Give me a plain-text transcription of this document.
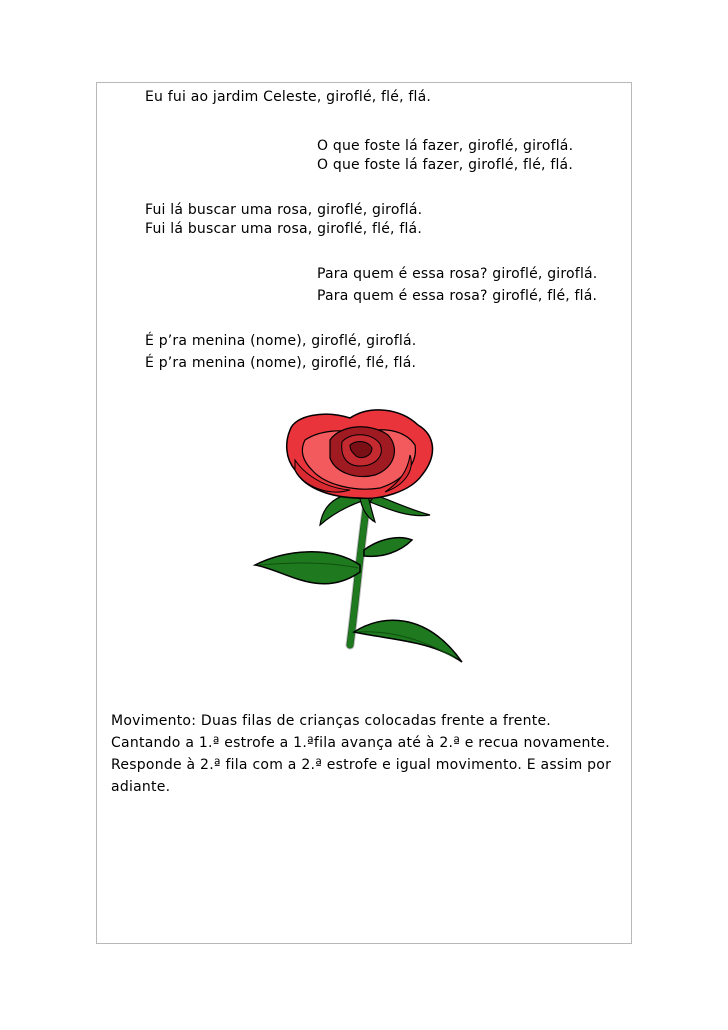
Eu fui ao jardim Celeste, giroflé, flé, flá.
O que foste lá fazer, giroflé, giroflá.
O que foste lá fazer, giroflé, flé, flá.
Fui lá buscar uma rosa, giroflé, giroflá.
Fui lá buscar uma rosa, giroflé, flé, flá.
Para quem é essa rosa? giroflé, giroflá.
Para quem é essa rosa? giroflé, flé, flá.
É p’ra menina (nome), giroflé, giroflá.
É p’ra menina (nome), giroflé, flé, flá.
Movimento: Duas filas de crianças colocadas frente a frente.
Cantando a 1.ª estrofe a 1.ªfila avança até à 2.ª e recua novamente.
Responde à 2.ª fila com a 2.ª estrofe e igual movimento. E assim por
adiante.
